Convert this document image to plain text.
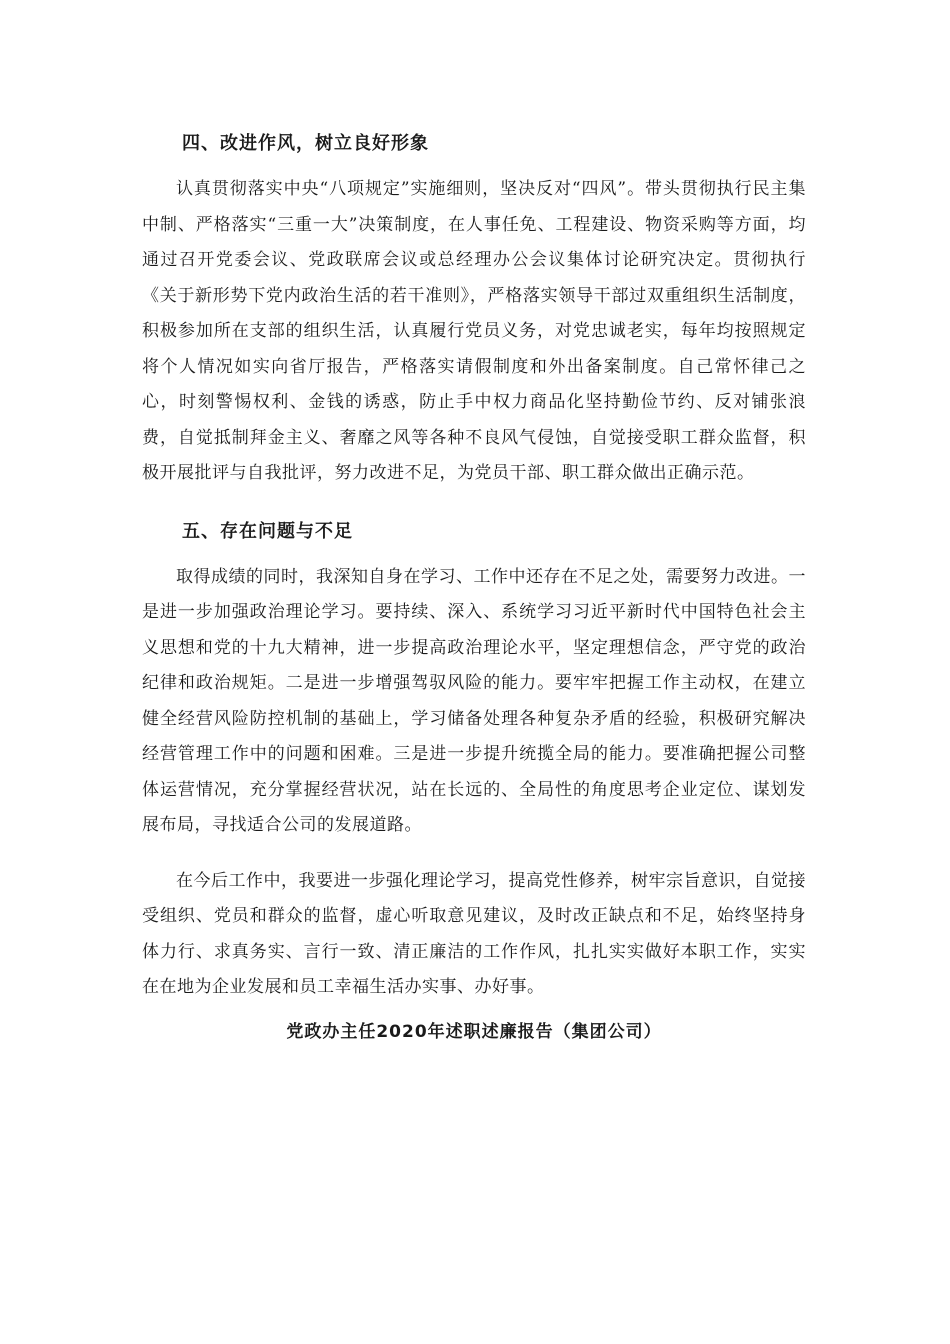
四、改进作风，树立良好形象

认真贯彻落实中央“八项规定”实施细则，坚决反对“四风”。带头贯彻执行民主集中制、严格落实“三重一大”决策制度，在人事任免、工程建设、物资采购等方面，均通过召开党委会议、党政联席会议或总经理办公会议集体讨论研究决定。贯彻执行《关于新形势下党内政治生活的若干准则》，严格落实领导干部过双重组织生活制度，积极参加所在支部的组织生活，认真履行党员义务，对党忠诚老实，每年均按照规定将个人情况如实向省厅报告，严格落实请假制度和外出备案制度。自己常怀律己之心，时刻警惕权利、金钱的诱惑，防止手中权力商品化坚持勤俭节约、反对铺张浪费，自觉抵制拜金主义、奢靡之风等各种不良风气侵蚀，自觉接受职工群众监督，积极开展批评与自我批评，努力改进不足，为党员干部、职工群众做出正确示范。

五、存在问题与不足

取得成绩的同时，我深知自身在学习、工作中还存在不足之处，需要努力改进。一是进一步加强政治理论学习。要持续、深入、系统学习习近平新时代中国特色社会主义思想和党的十九大精神，进一步提高政治理论水平，坚定理想信念，严守党的政治纪律和政治规矩。二是进一步增强驾驭风险的能力。要牢牢把握工作主动权，在建立健全经营风险防控机制的基础上，学习储备处理各种复杂矛盾的经验，积极研究解决经营管理工作中的问题和困难。三是进一步提升统揽全局的能力。要准确把握公司整体运营情况，充分掌握经营状况，站在长远的、全局性的角度思考企业定位、谋划发展布局，寻找适合公司的发展道路。

在今后工作中，我要进一步强化理论学习，提高党性修养，树牢宗旨意识，自觉接受组织、党员和群众的监督，虚心听取意见建议，及时改正缺点和不足，始终坚持身体力行、求真务实、言行一致、清正廉洁的工作作风，扎扎实实做好本职工作，实实在在地为企业发展和员工幸福生活办实事、办好事。

党政办主任2020年述职述廉报告（集团公司）
